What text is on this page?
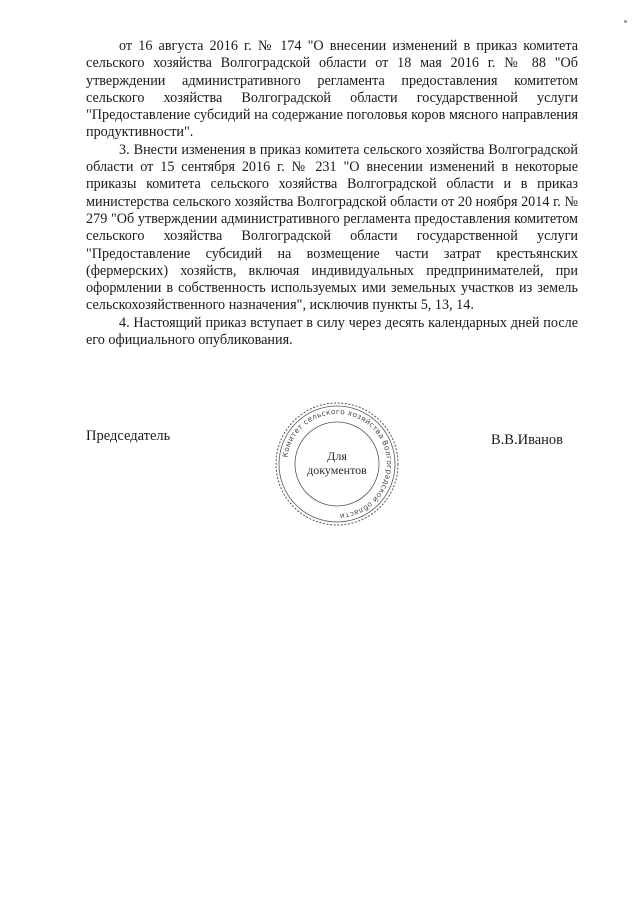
от 16 августа 2016 г. № 174 "О внесении изменений в приказ комитета сельского хозяйства Волгоградской области от 18 мая 2016 г. № 88 "Об утверждении административного регламента предоставления комитетом сельского хозяйства Волгоградской области государственной услуги "Предоставление субсидий на содержание поголовья коров мясного направления продуктивности".

3. Внести изменения в приказ комитета сельского хозяйства Волгоградской области от 15 сентября 2016 г. № 231 "О внесении изменений в некоторые приказы комитета сельского хозяйства Волгоградской области и в приказ министерства сельского хозяйства Волгоградской области от 20 ноября 2014 г. № 279 "Об утверждении административного регламента предоставления комитетом сельского хозяйства Волгоградской области государственной услуги "Предоставление субсидий на возмещение части затрат крестьянских (фермерских) хозяйств, включая индивидуальных предпринимателей, при оформлении в собственность используемых ими земельных участков из земель сельскохозяйственного назначения", исключив пункты 5, 13, 14.

4. Настоящий приказ вступает в силу через десять календарных дней после его официального опубликования.

Председатель
Комитет сельского хозяйства Волгоградской области
Для
документов
В.В.Иванов
